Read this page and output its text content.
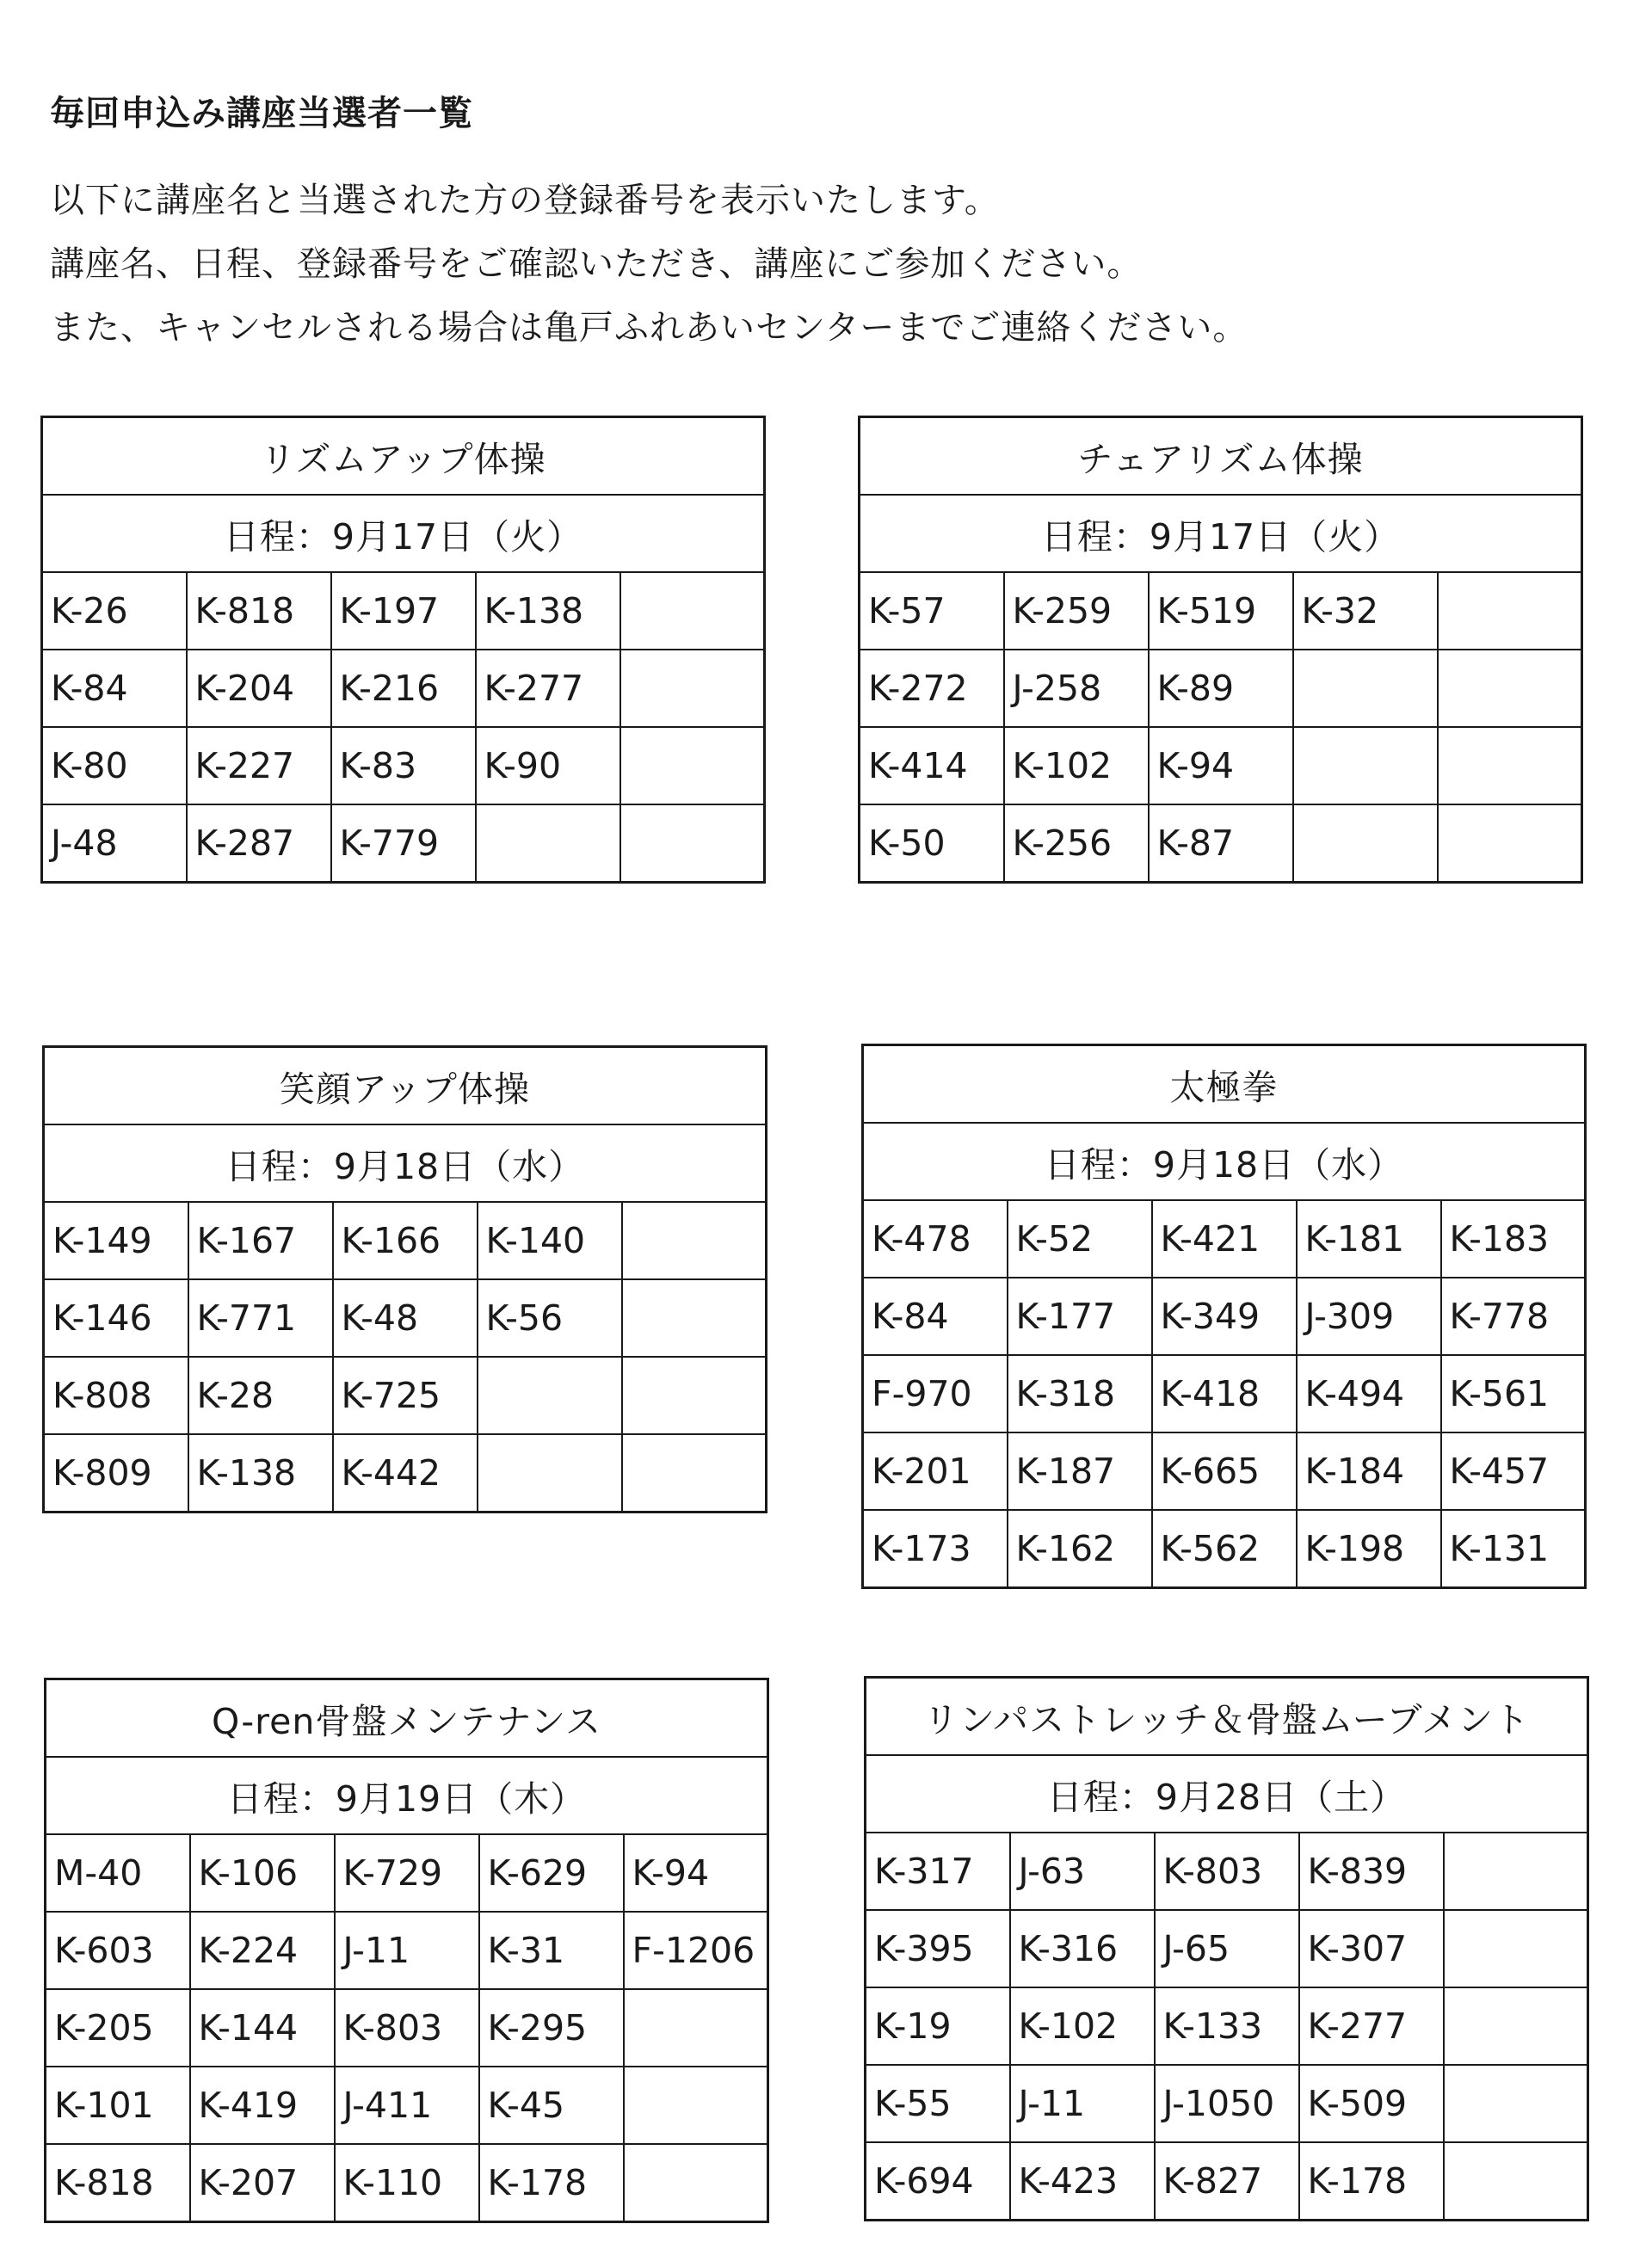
毎回申込み講座当選者一覧

以下に講座名と当選された方の登録番号を表示いたします。

講座名、日程、登録番号をご確認いただき、講座にご参加ください。

また、キャンセルされる場合は亀戸ふれあいセンターまでご連絡ください。

リズムアップ体操				
日程：9月17日（火）				
K-26	K-818	K-197	K-138	
K-84	K-204	K-216	K-277	
K-80	K-227	K-83	K-90	
J-48	K-287	K-779		
チェアリズム体操				
日程：9月17日（火）				
K-57	K-259	K-519	K-32	
K-272	J-258	K-89		
K-414	K-102	K-94		
K-50	K-256	K-87		
笑顔アップ体操				
日程：9月18日（水）				
K-149	K-167	K-166	K-140	
K-146	K-771	K-48	K-56	
K-808	K-28	K-725		
K-809	K-138	K-442		
太極拳				
日程：9月18日（水）				
K-478	K-52	K-421	K-181	K-183
K-84	K-177	K-349	J-309	K-778
F-970	K-318	K-418	K-494	K-561
K-201	K-187	K-665	K-184	K-457
K-173	K-162	K-562	K-198	K-131
Q-ren骨盤メンテナンス				
日程：9月19日（木）				
M-40	K-106	K-729	K-629	K-94
K-603	K-224	J-11	K-31	F-1206
K-205	K-144	K-803	K-295	
K-101	K-419	J-411	K-45	
K-818	K-207	K-110	K-178	
リンパストレッチ＆骨盤ムーブメント				
日程：9月28日（土）				
K-317	J-63	K-803	K-839	
K-395	K-316	J-65	K-307	
K-19	K-102	K-133	K-277	
K-55	J-11	J-1050	K-509	
K-694	K-423	K-827	K-178	
